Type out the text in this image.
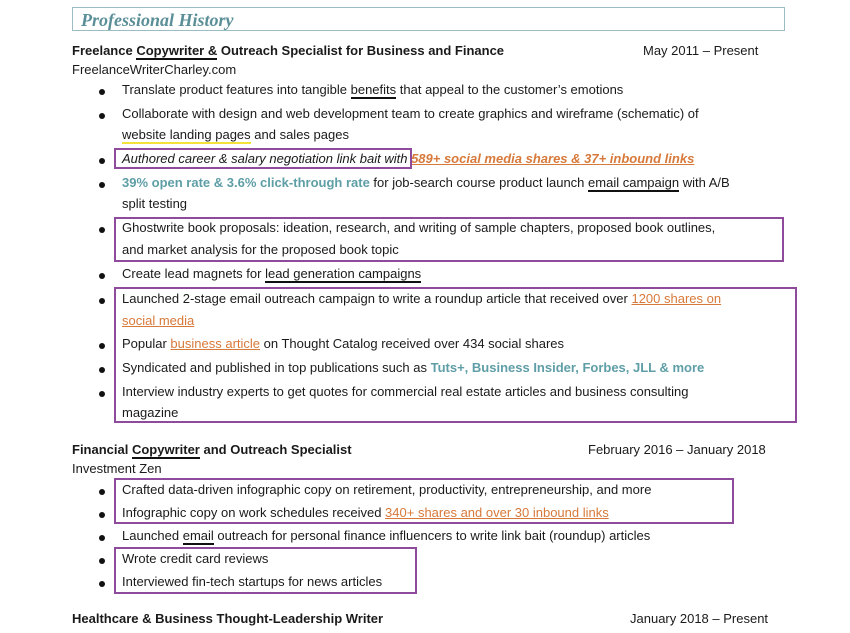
Professional History
Freelance Copywriter & Outreach Specialist for Business and Finance	May 2011 – Present
FreelanceWriterCharley.com
Translate product features into tangible benefits that appeal to the customer’s emotions
Collaborate with design and web development team to create graphics and wireframe (schematic) of
website landing pages and sales pages
Authored career & salary negotiation link bait with 589+ social media shares & 37+ inbound links
39% open rate & 3.6% click-through rate for job-search course product launch email campaign with A/B
split testing
Ghostwrite book proposals: ideation, research, and writing of sample chapters, proposed book outlines,
and market analysis for the proposed book topic
Create lead magnets for lead generation campaigns
Launched 2-stage email outreach campaign to write a roundup article that received over 1200 shares on
social media
Popular business article on Thought Catalog received over 434 social shares
Syndicated and published in top publications such as Tuts+, Business Insider, Forbes, JLL & more
Interview industry experts to get quotes for commercial real estate articles and business consulting
magazine
Financial Copywriter and Outreach Specialist	February 2016 – January 2018
Investment Zen
Crafted data-driven infographic copy on retirement, productivity, entrepreneurship, and more
Infographic copy on work schedules received 340+ shares and over 30 inbound links
Launched email outreach for personal finance influencers to write link bait (roundup) articles
Wrote credit card reviews
Interviewed fin-tech startups for news articles
Healthcare & Business Thought-Leadership Writer	January 2018 – Present
